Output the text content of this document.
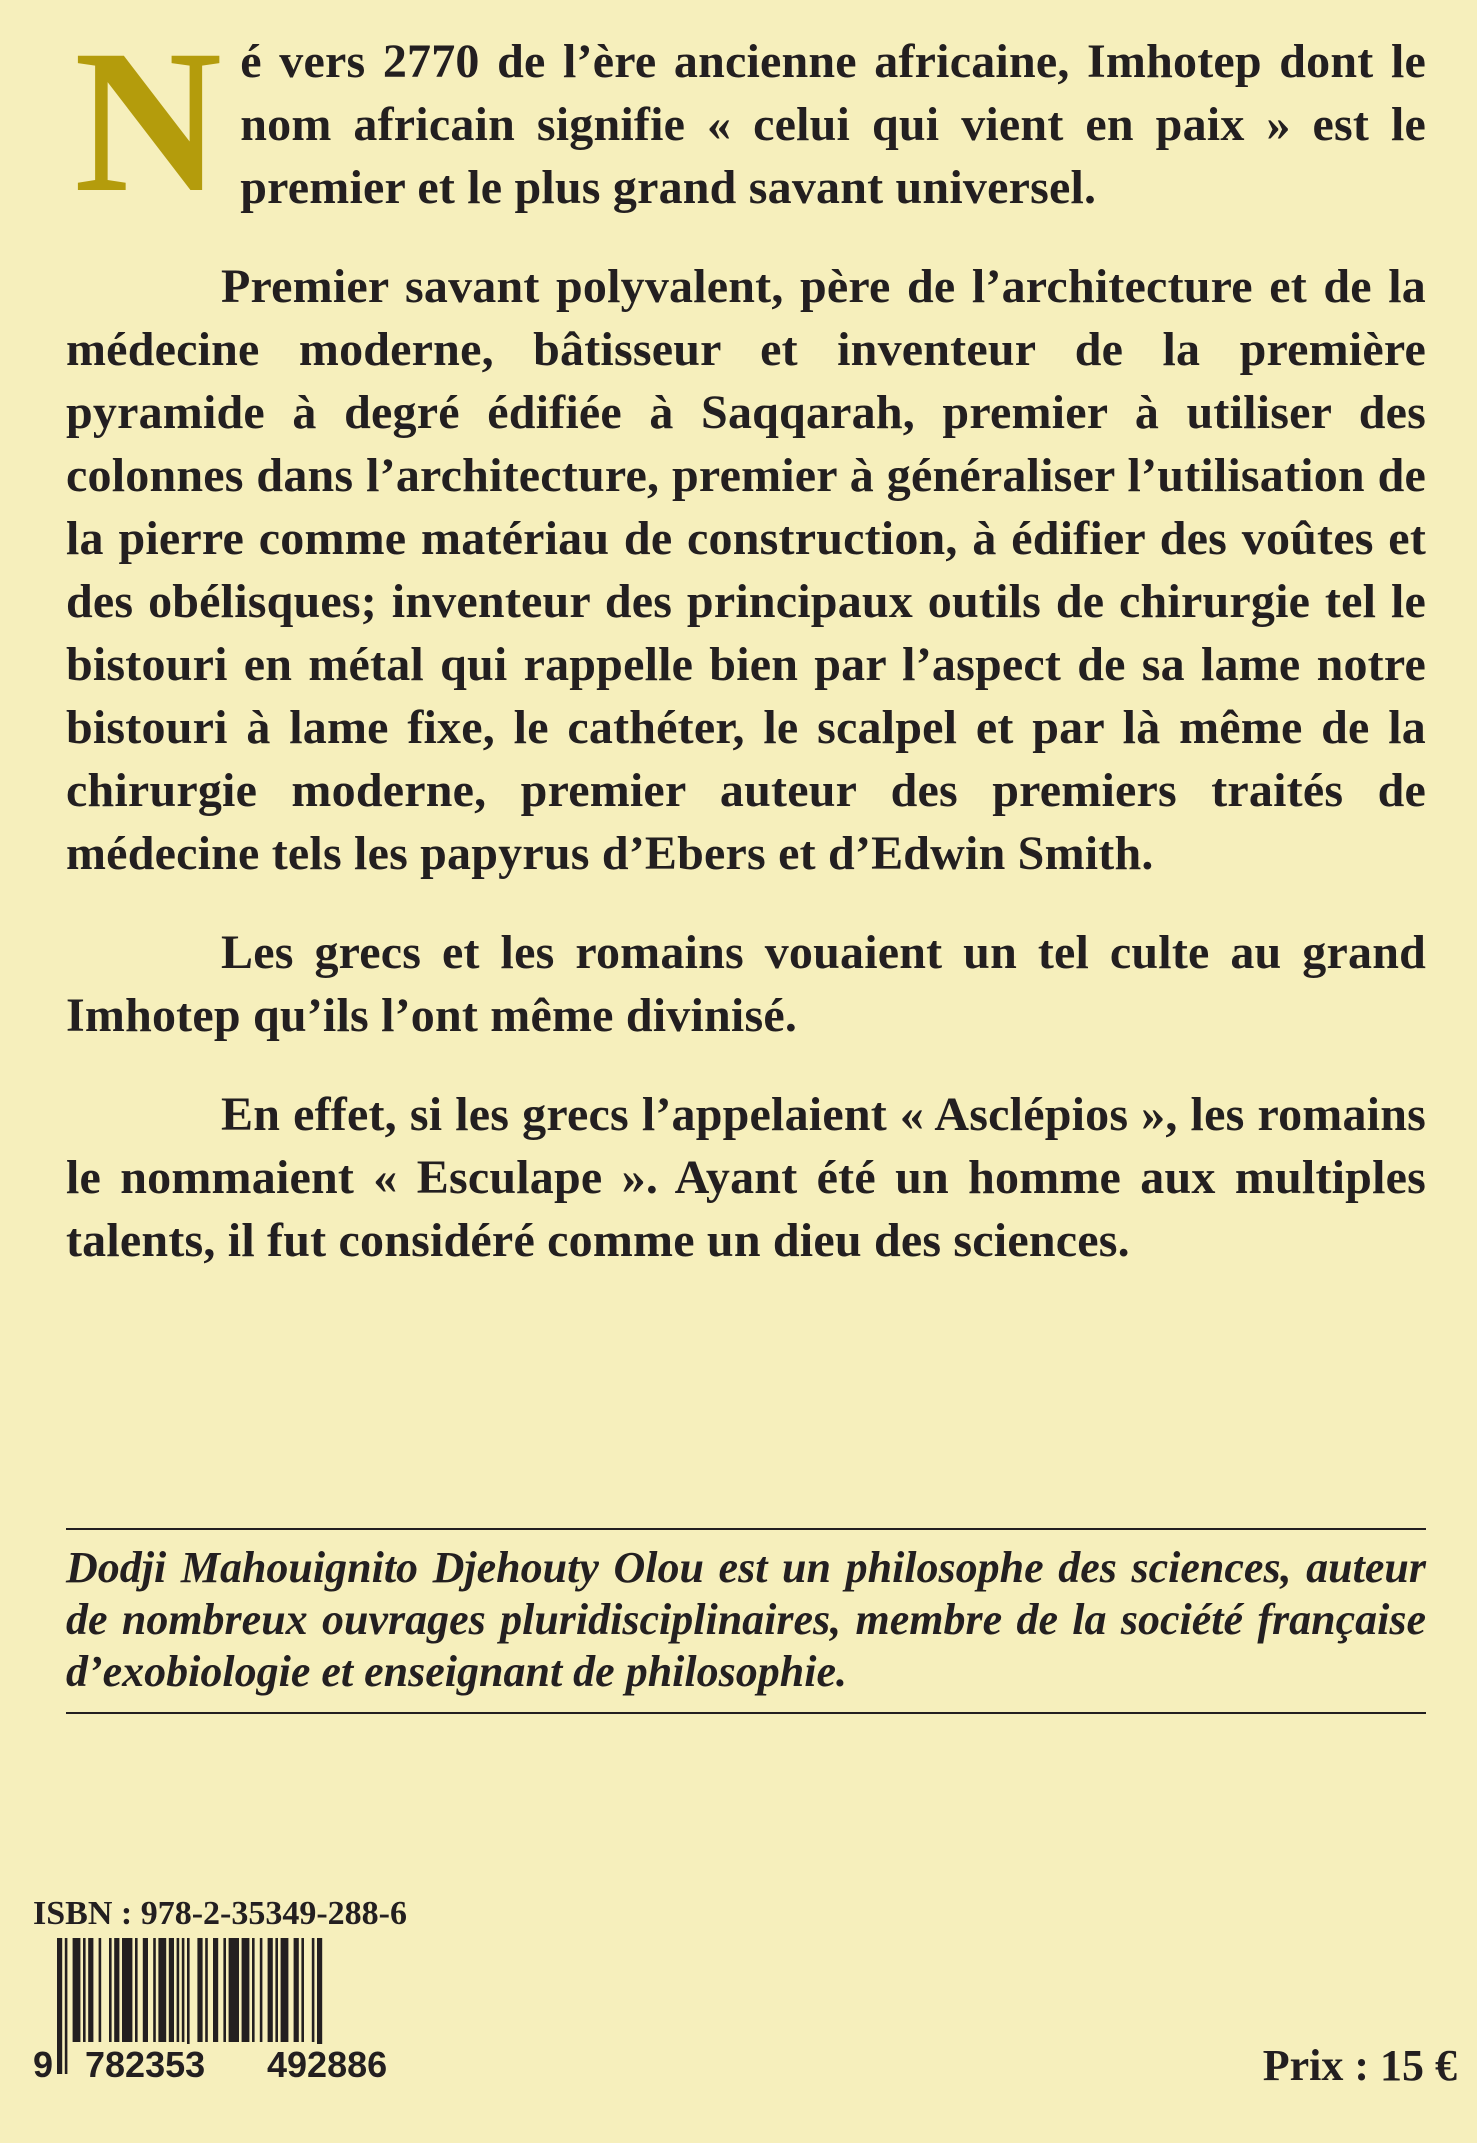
Né vers 2770 de l’ère ancienne africaine, Imhotep dont le nom africain signifie « celui qui vient en paix » est le premier et le plus grand savant universel.

Premier savant polyvalent, père de l’architecture et de la médecine moderne, bâtisseur et inventeur de la première pyramide à degré édifiée à Saqqarah, premier à utiliser des colonnes dans l’architecture, premier à généraliser l’utilisation de la pierre comme matériau de construction, à édifier des voûtes et des obélisques; inventeur des principaux outils de chirurgie tel le bistouri en métal qui rappelle bien par l’aspect de sa lame notre bistouri à lame fixe, le cathéter, le scalpel et par là même de la chirurgie moderne, premier auteur des premiers traités de médecine tels les papyrus d’Ebers et d’Edwin Smith.

Les grecs et les romains vouaient un tel culte au grand Imhotep qu’ils l’ont même divinisé.

En effet, si les grecs l’appelaient « Asclépios », les romains le nommaient « Esculape ». Ayant été un homme aux multiples talents, il fut considéré comme un dieu des sciences.

Dodji Mahouignito Djehouty Olou est un philosophe des sciences, auteur de nombreux ouvrages pluridisciplinaires, membre de la société française d’exobiologie et enseignant de philosophie.

ISBN : 978-2-35349-288-6
9 782353 492886	Prix : 15 €
